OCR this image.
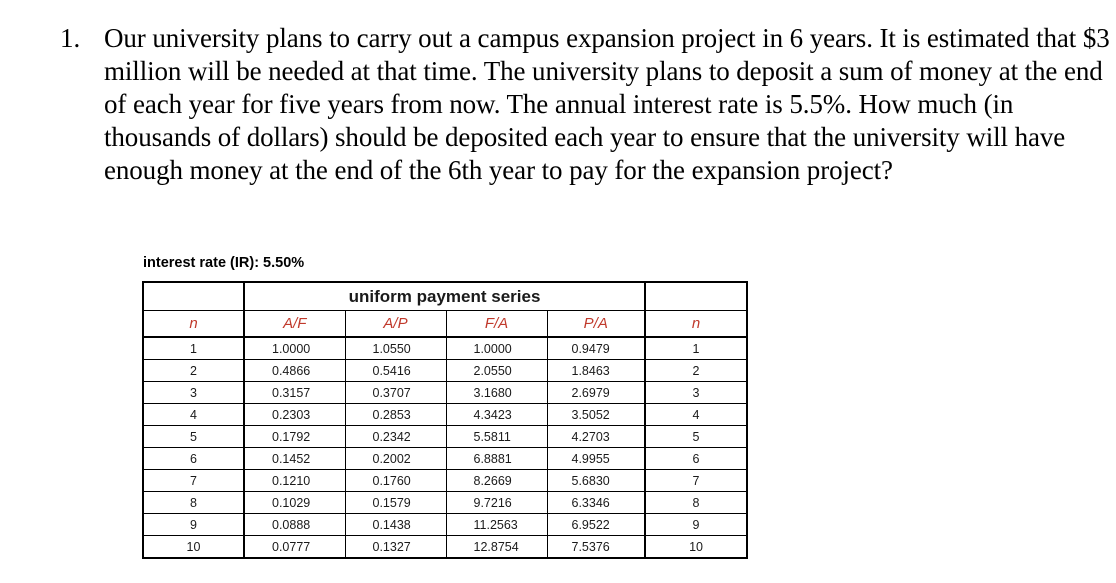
1. Our university plans to carry out a campus expansion project in 6 years. It is estimated that $3 million will be needed at that time. The university plans to deposit a sum of money at the end of each year for five years from now. The annual interest rate is 5.5%. How much (in thousands of dollars) should be deposited each year to ensure that the university will have enough money at the end of the 6th year to pay for the expansion project?
interest rate (IR): 5.50%
	uniform payment series				
n	A/F	A/P	F/A	P/A	n
1	1.0000	1.0550	1.0000	0.9479	1
2	0.4866	0.5416	2.0550	1.8463	2
3	0.3157	0.3707	3.1680	2.6979	3
4	0.2303	0.2853	4.3423	3.5052	4
5	0.1792	0.2342	5.5811	4.2703	5
6	0.1452	0.2002	6.8881	4.9955	6
7	0.1210	0.1760	8.2669	5.6830	7
8	0.1029	0.1579	9.7216	6.3346	8
9	0.0888	0.1438	11.2563	6.9522	9
10	0.0777	0.1327	12.8754	7.5376	10
